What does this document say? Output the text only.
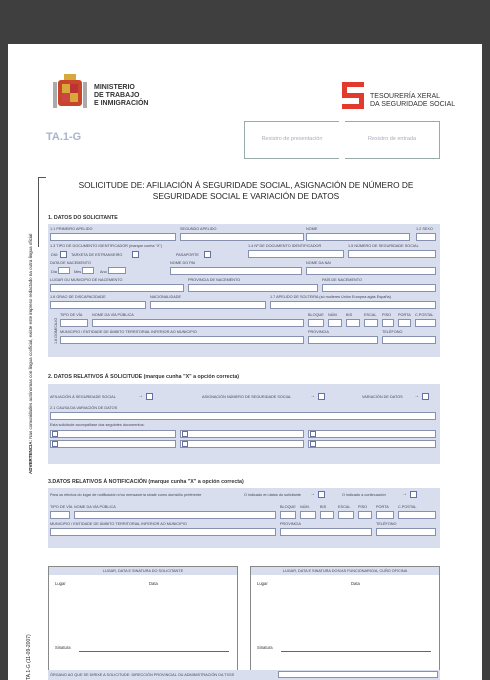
MINISTERIO
DE TRABAJO
E INMIGRACIÓN
TESOURERÍA XERAL
DA SEGURIDADE SOCIAL
TA.1-G	Rexistro de presentación	Rexistro de entrada
SOLICITUDE DE: AFILIACIÓN Á SEGURIDADE SOCIAL, ASIGNACIÓN DE NÚMERO DE
SEGURIDADE SOCIAL E VARIACIÓN DE DATOS
ADVERTENCIA: Nas comunidades autónomas con lingua cooficial, existe este impreso redactado na outra lingua oficial
TA.1-G (11-09-2007)
1. DATOS DO SOLICITANTE
1.1 PRIMEIRO APELIDO	SEGUNDO APELIDO	NOME	1.2 SEXO
1.3 TIPO DE DOCUMENTO IDENTIFICADOR (marque cunha "X")	1.4 Nº DE DOCUMENTO IDENTIFICADOR	1.5 NÚMERO DE SEGURIDADE SOCIAL
DNI	TARXETA DE ESTRANXEIRO	PASAPORTE
DATA DE NACEMENTO	NOME DO PAI	NOME DA NAI
Día	Mes	Ano
LUGAR OU MUNICIPIO DE NACEMENTO	PROVINCIA DE NACEMENTO	PAÍS DE NACEMENTO
1.6 GRAO DE DISCAPACIDADE	NACIONALIDADE	1.7 APELIDO DE SOLTEIRA (só mulleres Unión Europea agás España)
1.8 DOMICILIO
TIPO DE VÍA	NOME DA VÍA PÚBLICA	BLOQUE NÚM. BIS	ESCAL PISO PORTA C.POSTAL
MUNICIPIO / ENTIDADE DE ÁMBITO TERRITORIAL INFERIOR AO MUNICIPIO	PROVINCIA	TELÉFONO
2. DATOS RELATIVOS Á SOLICITUDE (marque cunha "X" a opción correcta)
AFILIACIÓN Á SEGURIDADE SOCIAL	→	ASIGNACIÓN NÚMERO DE SEGURIDADE SOCIAL	→	VARIACIÓN DE DATOS →
2.1 CAUSA DA VARIACIÓN DE DATOS
Esta solicitude acompáñase dos seguintes documentos:
3.DATOS RELATIVOS Á NOTIFICACIÓN (marque cunha "X" a opción correcta)
Para os efectos do lugar de notificación e/ou mensaxería sinale como domicilio preferente	O indicado en datos do solicitante →	O indicado a continuación	→
TIPO DE VÍA NOME DA VÍA PÚBLICA	BLOQUE NÚM.	BIS	ESCAL PISO PORTA C.POSTAL
MUNICIPIO / ENTIDADE DE ÁMBITO TERRITORIAL INFERIOR AO MUNICIPIO	PROVINCIA	TELÉFONO
LUGAR, DATA E SINATURA DO SOLICITANTE
Lugar	Data
Sinatura
LUGAR, DATA E SINATURA DOS/AS FUNCIONARIO/A, CUÑO OFICINA
Lugar	Data
Sinatura
ÓRGANO AO QUE SE DIRIXE A SOLICITUDE: DIRECCIÓN PROVINCIAL OU ADMINISTRACIÓN DA TXSS
